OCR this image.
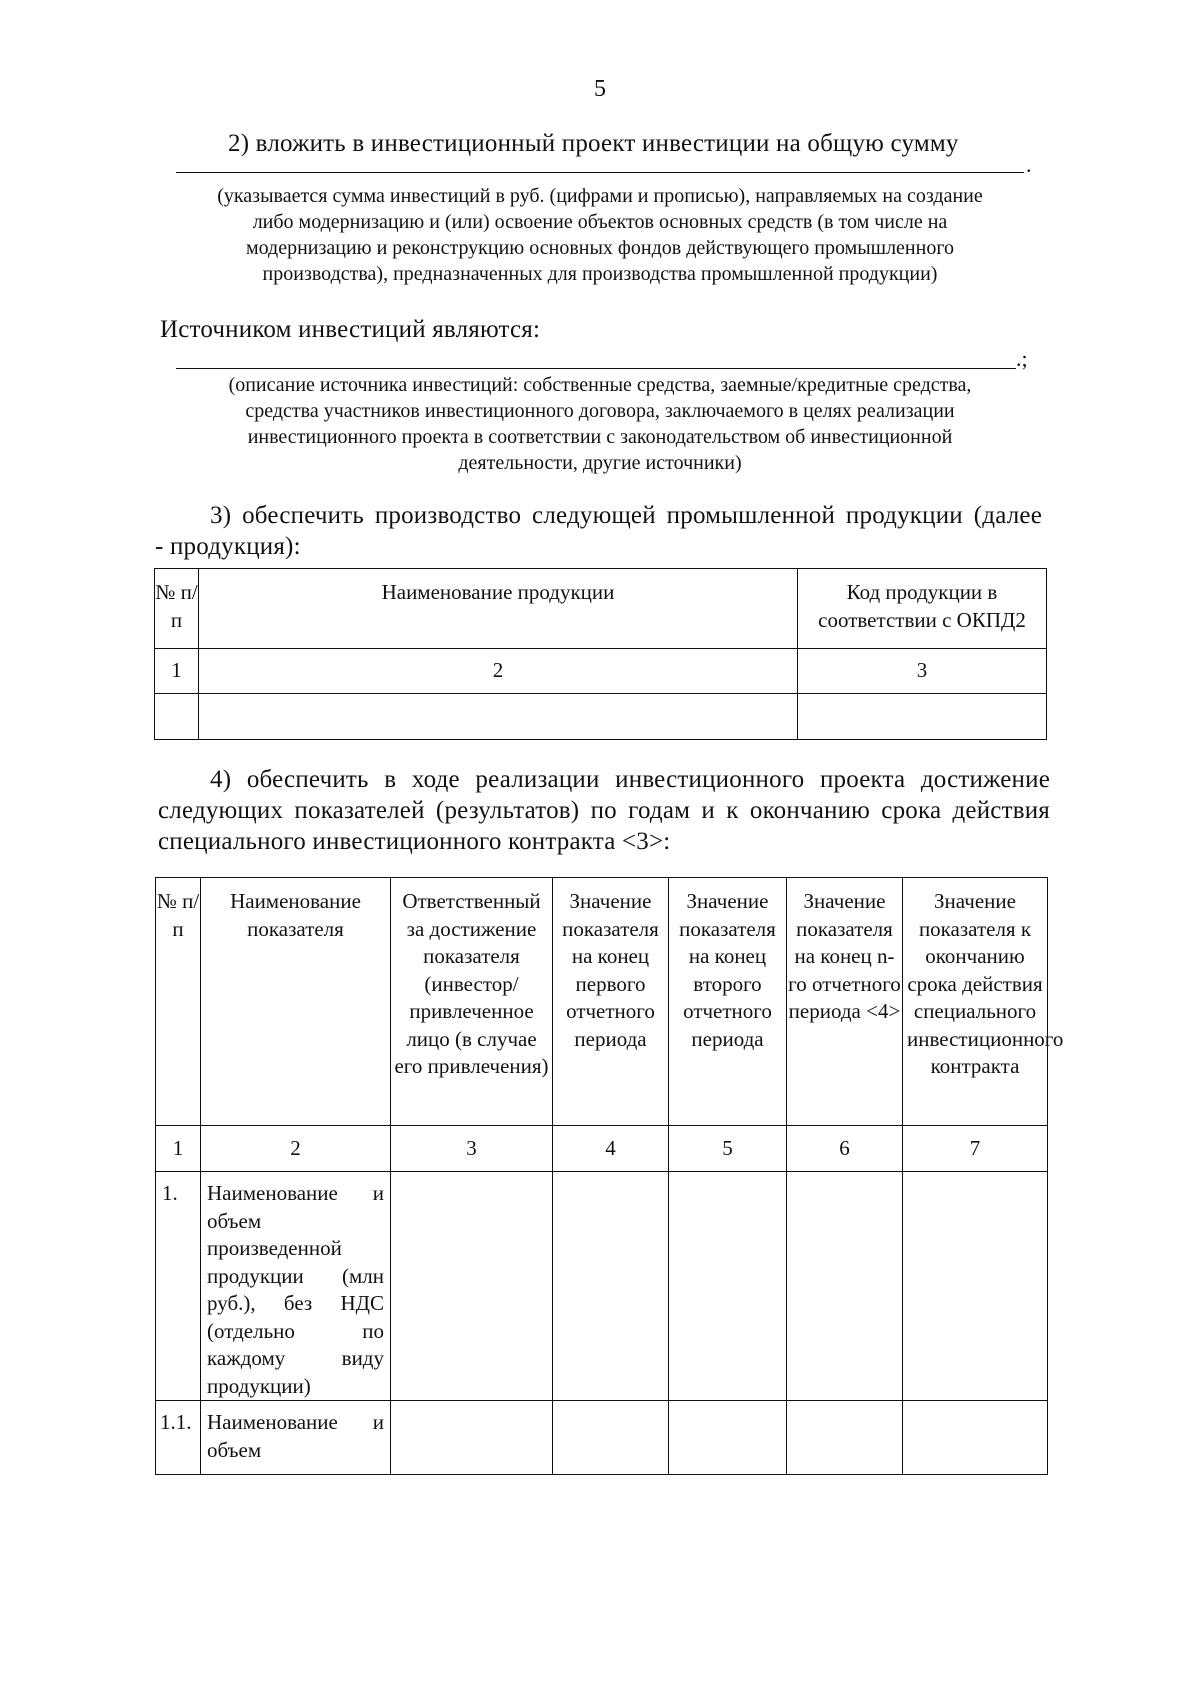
5
2) вложить в инвестиционный проект инвестиции на общую сумму
.
(указывается сумма инвестиций в руб. (цифрами и прописью), направляемых на создание
либо модернизацию и (или) освоение объектов основных средств (в том числе на
модернизацию и реконструкцию основных фондов действующего промышленного
производства), предназначенных для производства промышленной продукции)
Источником инвестиций являются:
.;
(описание источника инвестиций: собственные средства, заемные/кредитные средства,
средства участников инвестиционного договора, заключаемого в целях реализации
инвестиционного проекта в соответствии с законодательством об инвестиционной
деятельности, другие источники)
3) обеспечить производство следующей промышленной продукции (далее
- продукция):
№ п/п	Наименование продукции	Код продукции в соответствии с ОКПД2
1	2	3

4) обеспечить в ходе реализации инвестиционного проекта достижение
следующих показателей (результатов) по годам и к окончанию срока действия
специального инвестиционного контракта <3>:
№ п/п	Наименование показателя	Ответственный за достижение показателя (инвестор/привлеченное лицо (в случае его привлечения)	Значение показателя на конец первого отчетного периода	Значение показателя на конец второго отчетного периода	Значение показателя на конец n-го отчетного периода <4>	Значение показателя к окончанию срока действия специального инвестиционного контракта
1	2	3	4	5	6	7
1.	Наименование и объем произведенной продукции (млн руб.), без НДС (отдельно по каждому виду продукции)					
1.1.	Наименование и объем					
